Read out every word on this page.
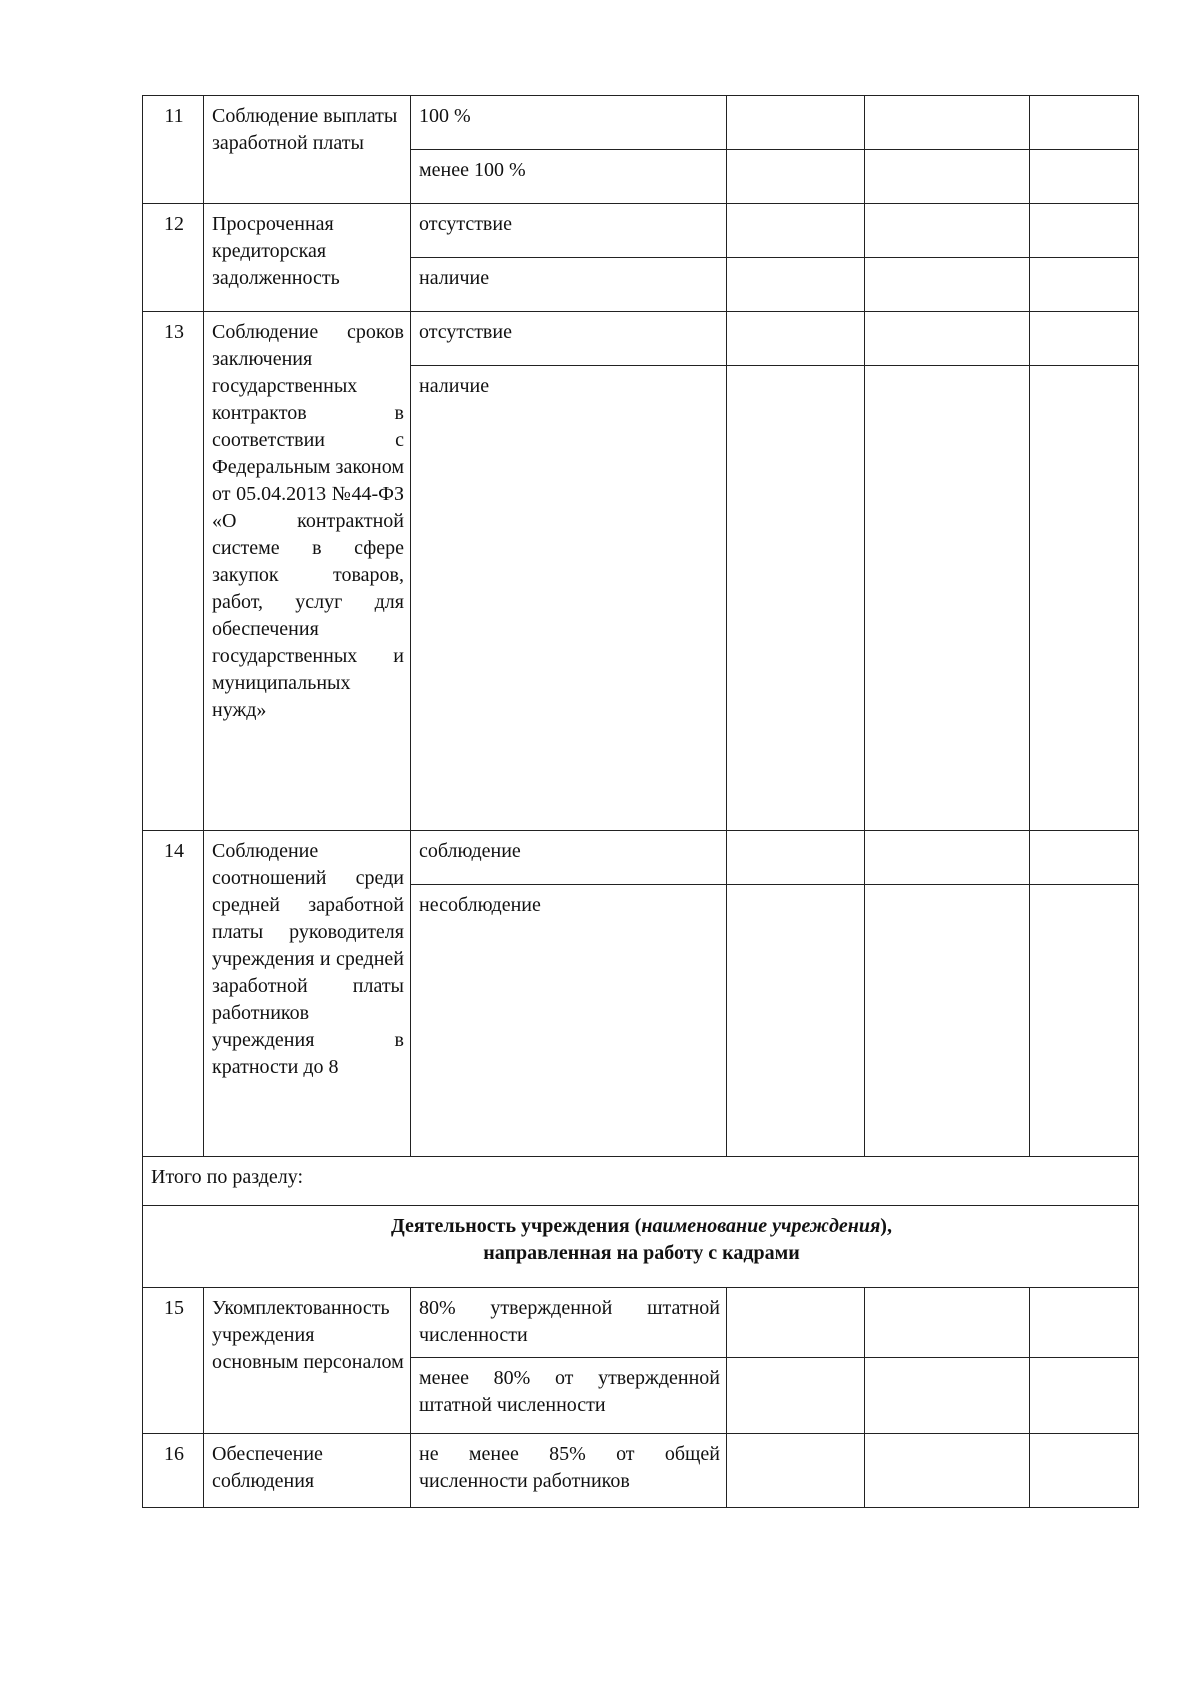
11	Соблюдение выплаты заработной платы	100 %			
		менее 100 %			
12	Просроченная кредиторская задолженность	отсутствие			
		наличие			
13	Соблюдение сроков заключения государственных контрактов в соответствии с Федеральным законом от 05.04.2013 №44-ФЗ «О контрактной системе в сфере закупок товаров, работ, услуг для обеспечения государственных и муниципальных нужд»	отсутствие			
		наличие			
14	Соблюдение соотношений среди средней заработной платы руководителя учреждения и средней заработной платы работников учреждения в кратности до 8	соблюдение			
		несоблюдение			
Итого по разделу:					
Деятельность учреждения (наименование учреждения),
направленная на работу с кадрами					
15	Укомплектованность учреждения основным персоналом	80% утвержденной штатной численности			
		менее 80% от утвержденной штатной численности			
16	Обеспечение соблюдения	не менее 85% от общей численности работников			
